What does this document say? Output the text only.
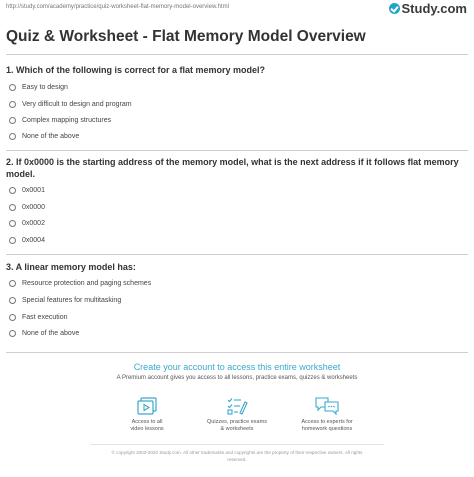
http://study.com/academy/practice/quiz-worksheet-flat-memory-model-overview.html	Study.com
Quiz & Worksheet - Flat Memory Model Overview

1. Which of the following is correct for a flat memory model?

Easy to design
Very difficult to design and program
Complex mapping structures
None of the above

2. If 0x0000 is the starting address of the memory model, what is the next address if it follows flat memory model.

0x0001
0x0000
0x0002
0x0004

3. A linear memory model has:

Resource protection and paging schemes
Special features for multitasking
Fast execution
None of the above
Create your account to access this entire worksheet
A Premium account gives you access to all lessons, practice exams, quizzes & worksheets
Access to all
video lessons
Quizzes, practice exams
& worksheets
Access to experts for
homework questions
© copyright 2003-2020 Study.com. All other trademarks and copyrights are the property of their respective owners. All rights
reserved.
